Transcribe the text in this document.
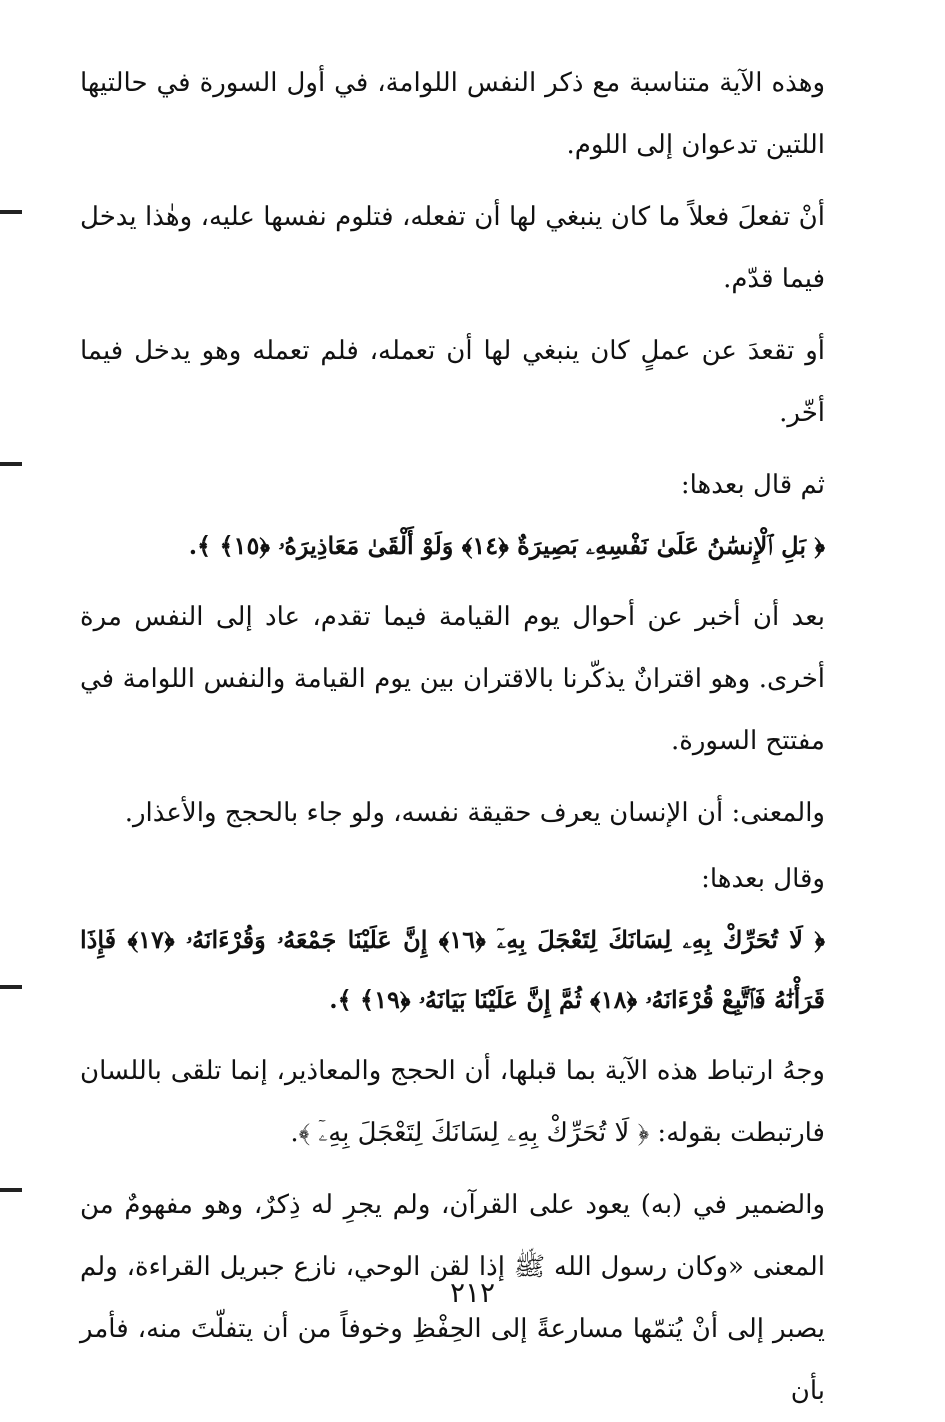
وهذه الآية متناسبة مع ذكر النفس اللوامة، في أول السورة في حالتيها اللتين تدعوان إلى اللوم.

أنْ تفعلَ فعلاً ما كان ينبغي لها أن تفعله، فتلوم نفسها عليه، وهٰذا يدخل فيما قدّم.

أو تقعدَ عن عملٍ كان ينبغي لها أن تعمله، فلم تعمله وهو يدخل فيما أخّر.

ثم قال بعدها:

﴿ بَلِ ٱلْإِنسَٰنُ عَلَىٰ نَفْسِهِۦ بَصِيرَةٌ ﴿١٤﴾ وَلَوْ أَلْقَىٰ مَعَاذِيرَهُۥ ﴿١٥﴾ ﴾.

بعد أن أخبر عن أحوال يوم القيامة فيما تقدم، عاد إلى النفس مرة أخرى. وهو اقترانٌ يذكّرنا بالاقتران بين يوم القيامة والنفس اللوامة في مفتتح السورة.

والمعنى: أن الإنسان يعرف حقيقة نفسه، ولو جاء بالحجج والأعذار.

وقال بعدها:

﴿ لَا تُحَرِّكْ بِهِۦ لِسَانَكَ لِتَعْجَلَ بِهِۦٓ ﴿١٦﴾ إِنَّ عَلَيْنَا جَمْعَهُۥ وَقُرْءَانَهُۥ ﴿١٧﴾ فَإِذَا قَرَأْنَٰهُ فَٱتَّبِعْ قُرْءَانَهُۥ ﴿١٨﴾ ثُمَّ إِنَّ عَلَيْنَا بَيَانَهُۥ ﴿١٩﴾ ﴾.

وجهُ ارتباط هذه الآية بما قبلها، أن الحجج والمعاذير، إنما تلقى باللسان فارتبطت بقوله: ﴿ لَا تُحَرِّكْ بِهِۦ لِسَانَكَ لِتَعْجَلَ بِهِۦٓ ﴾.

والضمير في (به) يعود على القرآن، ولم يجرِ له ذِكرٌ، وهو مفهومٌ من المعنى «وكان رسول الله ﷺ إذا لقن الوحي، نازع جبريل القراءة، ولم يصبر إلى أنْ يُتمّها مسارعةً إلى الحِفْظِ وخوفاً من أن يتفلّتَ منه، فأمر بأن

٢١٢
